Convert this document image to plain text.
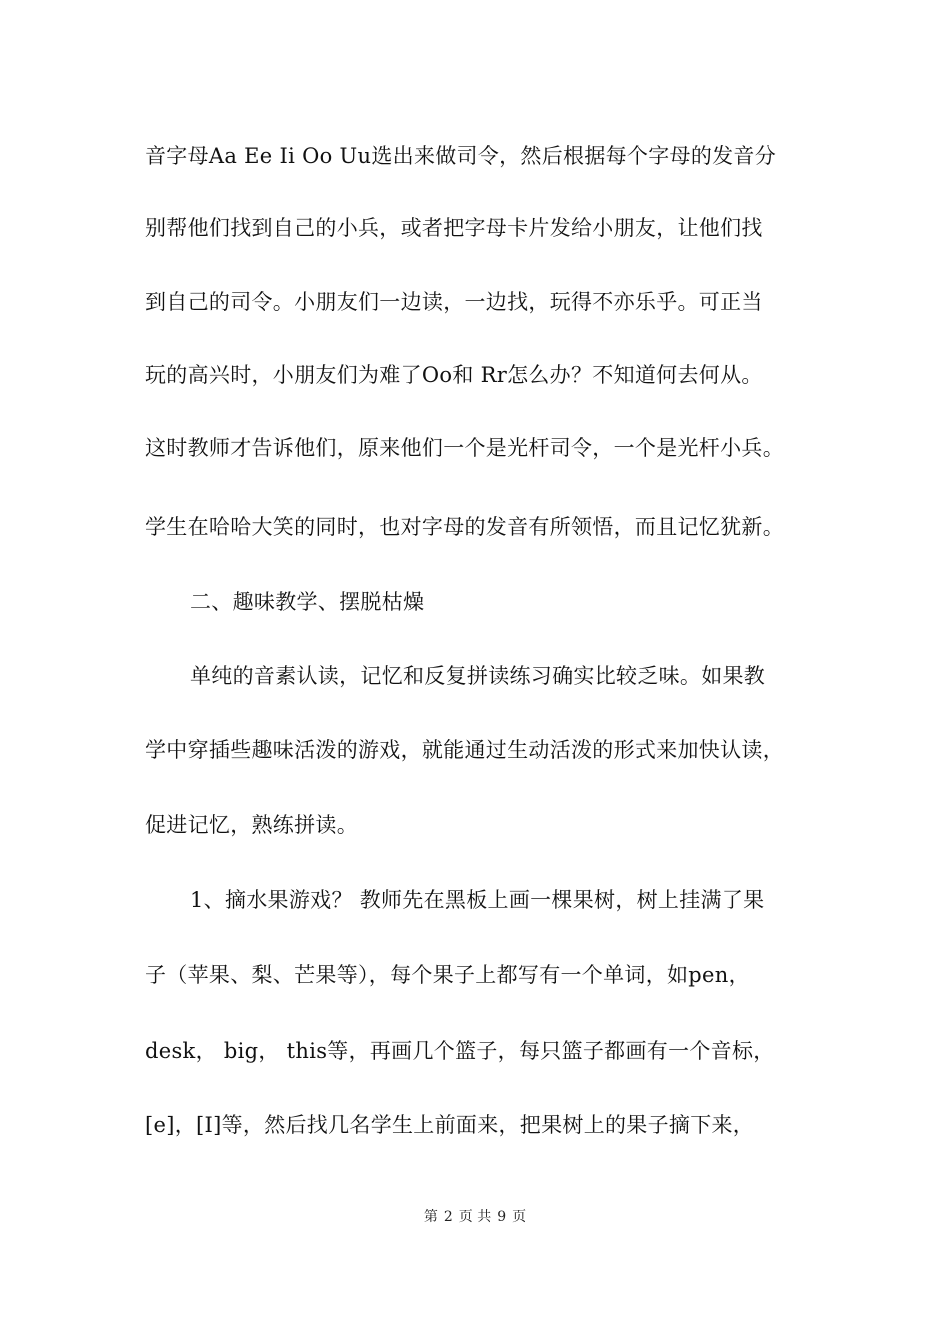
音字母Aa Ee Ii Oo Uu选出来做司令，然后根据每个字母的发音分
别帮他们找到自己的小兵，或者把字母卡片发给小朋友，让他们找
到自己的司令。小朋友们一边读，一边找，玩得不亦乐乎。可正当
玩的高兴时，小朋友们为难了Oo和 Rr怎么办？不知道何去何从。
这时教师才告诉他们，原来他们一个是光杆司令，一个是光杆小兵。
学生在哈哈大笑的同时，也对字母的发音有所领悟，而且记忆犹新。
二、趣味教学、摆脱枯燥
单纯的音素认读，记忆和反复拼读练习确实比较乏味。如果教
学中穿插些趣味活泼的游戏，就能通过生动活泼的形式来加快认读，
促进记忆，熟练拼读。
1、摘水果游戏？ 教师先在黑板上画一棵果树，树上挂满了果
子（苹果、梨、芒果等），每个果子上都写有一个单词，如pen，
desk， big， this等，再画几个篮子，每只篮子都画有一个音标，
[e]，[I]等，然后找几名学生上前面来，把果树上的果子摘下来，
第 2 页 共 9 页
